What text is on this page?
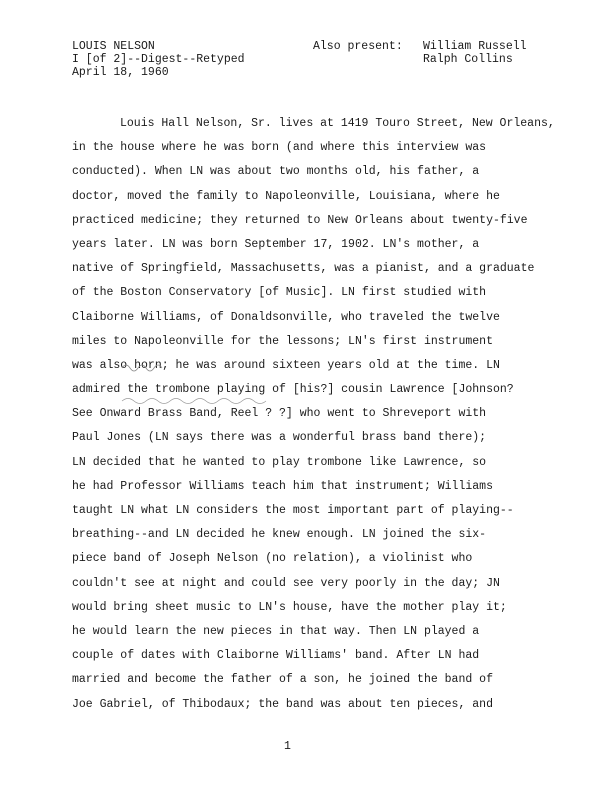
LOUIS NELSON
I [of 2]--Digest--Retyped
April 18, 1960
Also present: William Russell
Ralph Collins
Louis Hall Nelson, Sr. lives at 1419 Touro Street, New Orleans,
in the house where he was born (and where this interview was
conducted). When LN was about two months old, his father, a
doctor, moved the family to Napoleonville, Louisiana, where he
practiced medicine; they returned to New Orleans about twenty-five
years later. LN was born September 17, 1902. LN's mother, a
native of Springfield, Massachusetts, was a pianist, and a graduate
of the Boston Conservatory [of Music]. LN first studied with
Claiborne Williams, of Donaldsonville, who traveled the twelve
miles to Napoleonville for the lessons; LN's first instrument
was also horn; he was around sixteen years old at the time. LN
admired the trombone playing of [his?] cousin Lawrence [Johnson?
See Onward Brass Band, Reel ? ?] who went to Shreveport with
Paul Jones (LN says there was a wonderful brass band there);
LN decided that he wanted to play trombone like Lawrence, so
he had Professor Williams teach him that instrument; Williams
taught LN what LN considers the most important part of playing--
breathing--and LN decided he knew enough. LN joined the six-
piece band of Joseph Nelson (no relation), a violinist who
couldn't see at night and could see very poorly in the day; JN
would bring sheet music to LN's house, have the mother play it;
he would learn the new pieces in that way. Then LN played a
couple of dates with Claiborne Williams' band. After LN had
married and become the father of a son, he joined the band of
Joe Gabriel, of Thibodaux; the band was about ten pieces, and
1
